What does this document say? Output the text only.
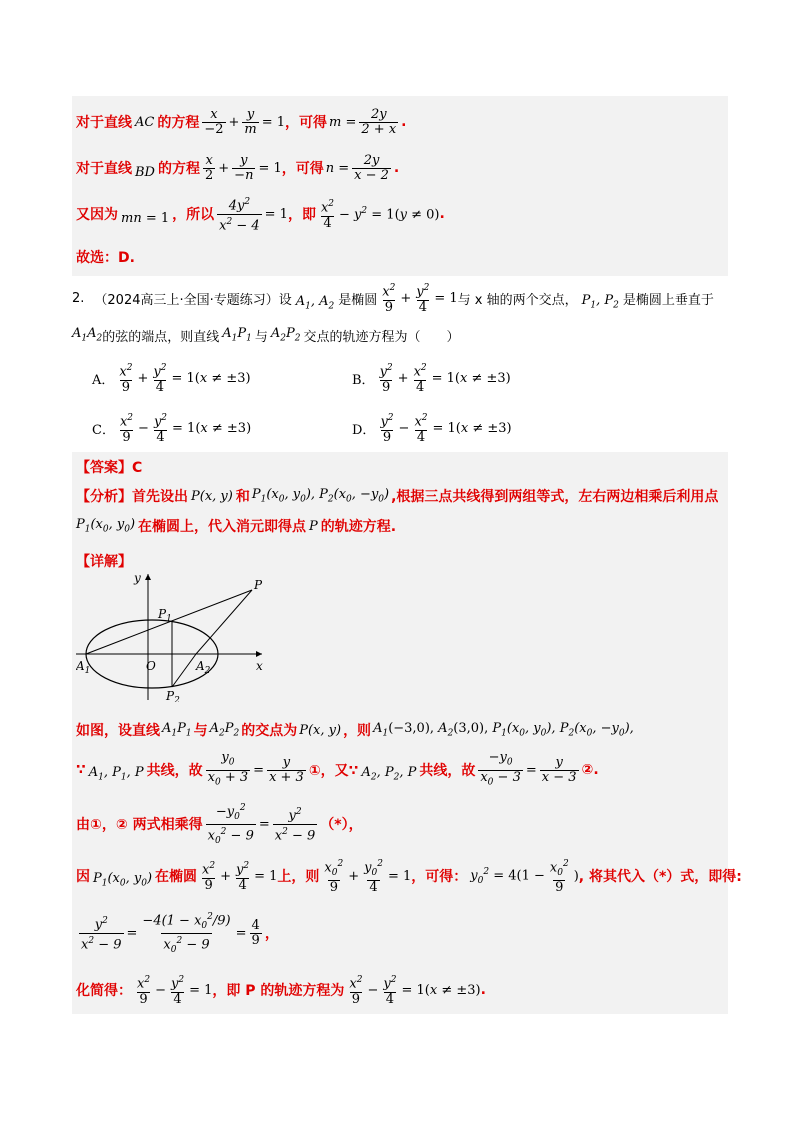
对于直线 AC 的方程 $\frac{x}{-2} + \frac{y}{m} = 1$ ，可得 $m = \frac{2y}{2 + x}$ .
对于直线 BD 的方程 $\frac{x}{2} + \frac{y}{-n} = 1$ ，可得 $n = \frac{2y}{x - 2}$ .
又因为 mn = 1 ，所以 $\frac{4y^2}{x^2 - 4} = 1$ ，即 $\frac{x^2}{4} - y^2 = 1(y \ne 0)$ .
故选：D.
2. （2024高三上·全国·专题练习）设 $A_1$, $A_2$ 是椭圆 $\frac{x^2}{9} + \frac{y^2}{4} = 1$ 与 x 轴的两个交点， $P_1$, $P_2$ 是椭圆上垂直于
$A_1A_2$ 的弦的端点，则直线 $A_1P_1$ 与 $A_2P_2$ 交点的轨迹方程为（　　）
A． $\frac{x^2}{9} + \frac{y^2}{4} = 1(x \ne \pm 3)$	B． $\frac{y^2}{9} + \frac{x^2}{4} = 1(x \ne \pm 3)$
C． $\frac{x^2}{9} - \frac{y^2}{4} = 1(x \ne \pm 3)$	D． $\frac{y^2}{9} - \frac{x^2}{4} = 1(x \ne \pm 3)$
【答案】C
【分析】首先设出 P(x, y) 和 $P_1(x_0$, $y_0$), $P_2(x_0$, $-y_0$) ,根据三点共线得到两组等式，左右两边相乘后利用点
$P_1(x_0$, $y_0$) 在椭圆上，代入消元即得点 P 的轨迹方程.
【详解】
y
x
O
P
$P_1$
$P_2$
$A_1$	$A_2$
如图，设直线 $A_1P_1$ 与 $A_2P_2$ 的交点为 P(x, y) ，则 $A_1(-3,0)$, $A_2(3,0)$, $P_1(x_0$, $y_0$), $P_2(x_0$, $-y_0$),
∵ $A_1$, $P_1$, P 共线，故 $\frac{y_0}{x_0 + 3} = \frac{y}{x + 3}$ ①，又∵ $A_2$, $P_2$, P 共线，故 $\frac{-y_0}{x_0 - 3} = \frac{y}{x - 3}$ ②.
由①，② 两式相乘得 $\frac{-y_0^2}{x_0^2 - 9} = \frac{y^2}{x^2 - 9}$ （*），
因 $P_1(x_0$, $y_0$) 在椭圆 $\frac{x^2}{9} + \frac{y^2}{4} = 1$ 上，则 $\frac{x_0^2}{9} + \frac{y_0^2}{4} = 1$ ，可得： $y_0^2 = 4(1 - \frac{x_0^2}{9}$ ) , 将其代入（*）式，即得:
$\frac{y^2}{x^2 - 9} = \frac{-4(1 - x_0^2/9)}{x_0^2 - 9} = \frac{4}{9}$ ，
化简得： $\frac{x^2}{9} - \frac{y^2}{4} = 1$ ，即 P 的轨迹方程为 $\frac{x^2}{9} - \frac{y^2}{4} = 1(x \ne \pm 3)$ .
